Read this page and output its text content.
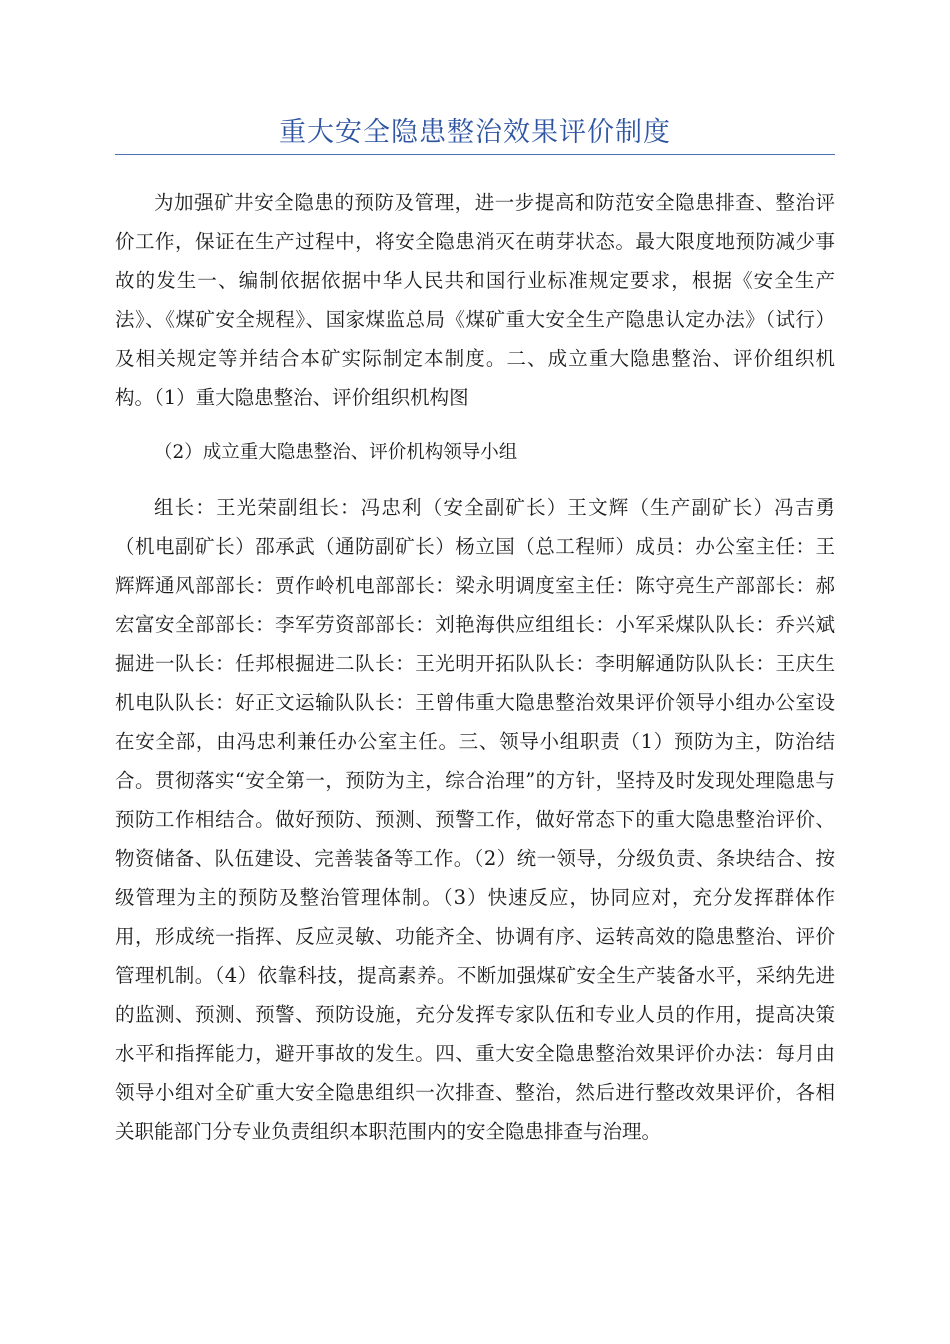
重大安全隐患整治效果评价制度

为加强矿井安全隐患的预防及管理，进一步提高和防范安全隐患排查、整治评价工作，保证在生产过程中，将安全隐患消灭在萌芽状态。最大限度地预防减少事故的发生一、编制依据依据中华人民共和国行业标准规定要求，根据《安全生产法》、《煤矿安全规程》、国家煤监总局《煤矿重大安全生产隐患认定办法》（试行）及相关规定等并结合本矿实际制定本制度。二、成立重大隐患整治、评价组织机构。（1）重大隐患整治、评价组织机构图

（2）成立重大隐患整治、评价机构领导小组

组长：王光荣副组长：冯忠利（安全副矿长）王文辉（生产副矿长）冯吉勇（机电副矿长）邵承武（通防副矿长）杨立国（总工程师）成员：办公室主任：王辉辉通风部部长：贾作岭机电部部长：梁永明调度室主任：陈守亮生产部部长：郝宏富安全部部长：李军劳资部部长：刘艳海供应组组长：小军采煤队队长：乔兴斌掘进一队长：任邦根掘进二队长：王光明开拓队队长：李明解通防队队长：王庆生机电队队长：好正文运输队队长：王曾伟重大隐患整治效果评价领导小组办公室设在安全部，由冯忠利兼任办公室主任。三、领导小组职责（1）预防为主，防治结合。贯彻落实“安全第一，预防为主，综合治理”的方针，坚持及时发现处理隐患与预防工作相结合。做好预防、预测、预警工作，做好常态下的重大隐患整治评价、物资储备、队伍建设、完善装备等工作。（2）统一领导，分级负责、条块结合、按级管理为主的预防及整治管理体制。（3）快速反应，协同应对，充分发挥群体作用，形成统一指挥、反应灵敏、功能齐全、协调有序、运转高效的隐患整治、评价管理机制。（4）依靠科技，提高素养。不断加强煤矿安全生产装备水平，采纳先进的监测、预测、预警、预防设施，充分发挥专家队伍和专业人员的作用，提高决策水平和指挥能力，避开事故的发生。四、重大安全隐患整治效果评价办法：每月由领导小组对全矿重大安全隐患组织一次排查、整治，然后进行整改效果评价，各相关职能部门分专业负责组织本职范围内的安全隐患排查与治理。
